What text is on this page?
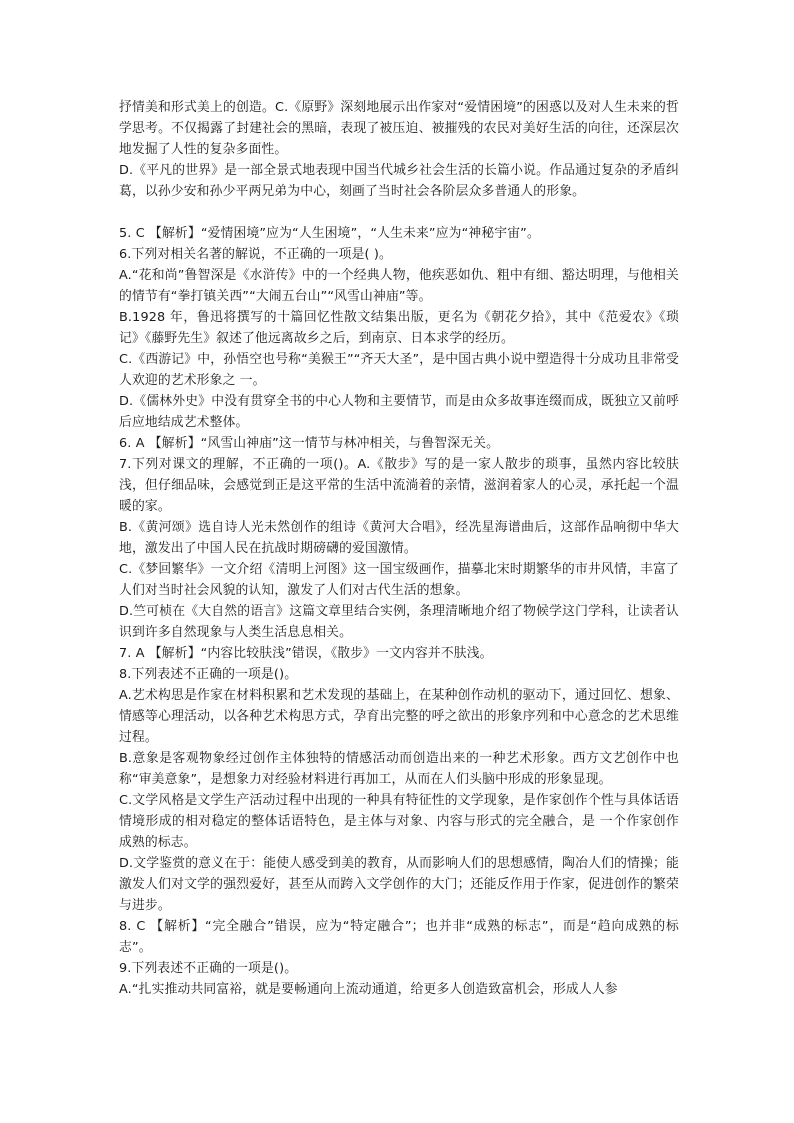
抒情美和形式美上的创造。C.《原野》深刻地展示出作家对“爱情困境”的困惑以及对人生未来的哲学思考。不仅揭露了封建社会的黑暗，表现了被压迫、被摧残的农民对美好生活的向往，还深层次地发掘了人性的复杂多面性。

D.《平凡的世界》是一部全景式地表现中国当代城乡社会生活的长篇小说。作品通过复杂的矛盾纠葛，以孙少安和孙少平两兄弟为中心，刻画了当时社会各阶层众多普通人的形象。

5. C 【解析】“爱情困境”应为“人生困境”，“人生未来”应为“神秘宇宙”。

6.下列对相关名著的解说，不正确的一项是( )。

A.“花和尚”鲁智深是《水浒传》中的一个经典人物，他疾恶如仇、粗中有细、豁达明理，与他相关的情节有“拳打镇关西”“大闹五台山”“风雪山神庙”等。

B.1928 年，鲁迅将撰写的十篇回忆性散文结集出版，更名为《朝花夕拾》，其中《范爱农》《琐记》《藤野先生》叙述了他远离故乡之后，到南京、日本求学的经历。

C.《西游记》中，孙悟空也号称“美猴王”“齐天大圣”，是中国古典小说中塑造得十分成功且非常受人欢迎的艺术形象之 一。

D.《儒林外史》中没有贯穿全书的中心人物和主要情节，而是由众多故事连缀而成，既独立又前呼后应地结成艺术整体。

6. A 【解析】“风雪山神庙”这一情节与林冲相关，与鲁智深无关。

7.下列对课文的理解，不正确的一项()。A.《散步》写的是一家人散步的琐事，虽然内容比较肤浅，但仔细品味，会感觉到正是这平常的生活中流淌着的亲情，滋润着家人的心灵，承托起一个温暖的家。

B.《黄河颂》选自诗人光未然创作的组诗《黄河大合唱》，经冼星海谱曲后，这部作品响彻中华大地，激发出了中国人民在抗战时期磅礴的爱国激情。

C.《梦回繁华》一文介绍《清明上河图》这一国宝级画作，描摹北宋时期繁华的市井风情，丰富了人们对当时社会风貌的认知，激发了人们对古代生活的想象。

D.竺可桢在《大自然的语言》这篇文章里结合实例，条理清晰地介绍了物候学这门学科，让读者认识到许多自然现象与人类生活息息相关。

7. A 【解析】“内容比较肤浅”错误，《散步》一文内容并不肤浅。

8.下列表述不正确的一项是()。

A.艺术构思是作家在材料积累和艺术发现的基础上，在某种创作动机的驱动下，通过回忆、想象、情感等心理活动，以各种艺术构思方式，孕育出完整的呼之欲出的形象序列和中心意念的艺术思维过程。

B.意象是客观物象经过创作主体独特的情感活动而创造出来的一种艺术形象。西方文艺创作中也称“审美意象”，是想象力对经验材料进行再加工，从而在人们头脑中形成的形象显现。

C.文学风格是文学生产活动过程中出现的一种具有特征性的文学现象，是作家创作个性与具体话语情境形成的相对稳定的整体话语特色，是主体与对象、内容与形式的完全融合，是 一个作家创作成熟的标志。

D.文学鉴赏的意义在于：能使人感受到美的教育，从而影响人们的思想感情，陶冶人们的情操；能激发人们对文学的强烈爱好，甚至从而跨入文学创作的大门；还能反作用于作家，促进创作的繁荣与进步。

8. C 【解析】“完全融合”错误，应为“特定融合”；也并非“成熟的标志”，而是“趋向成熟的标志”。

9.下列表述不正确的一项是()。

A.“扎实推动共同富裕，就是要畅通向上流动通道，给更多人创造致富机会，形成人人参
